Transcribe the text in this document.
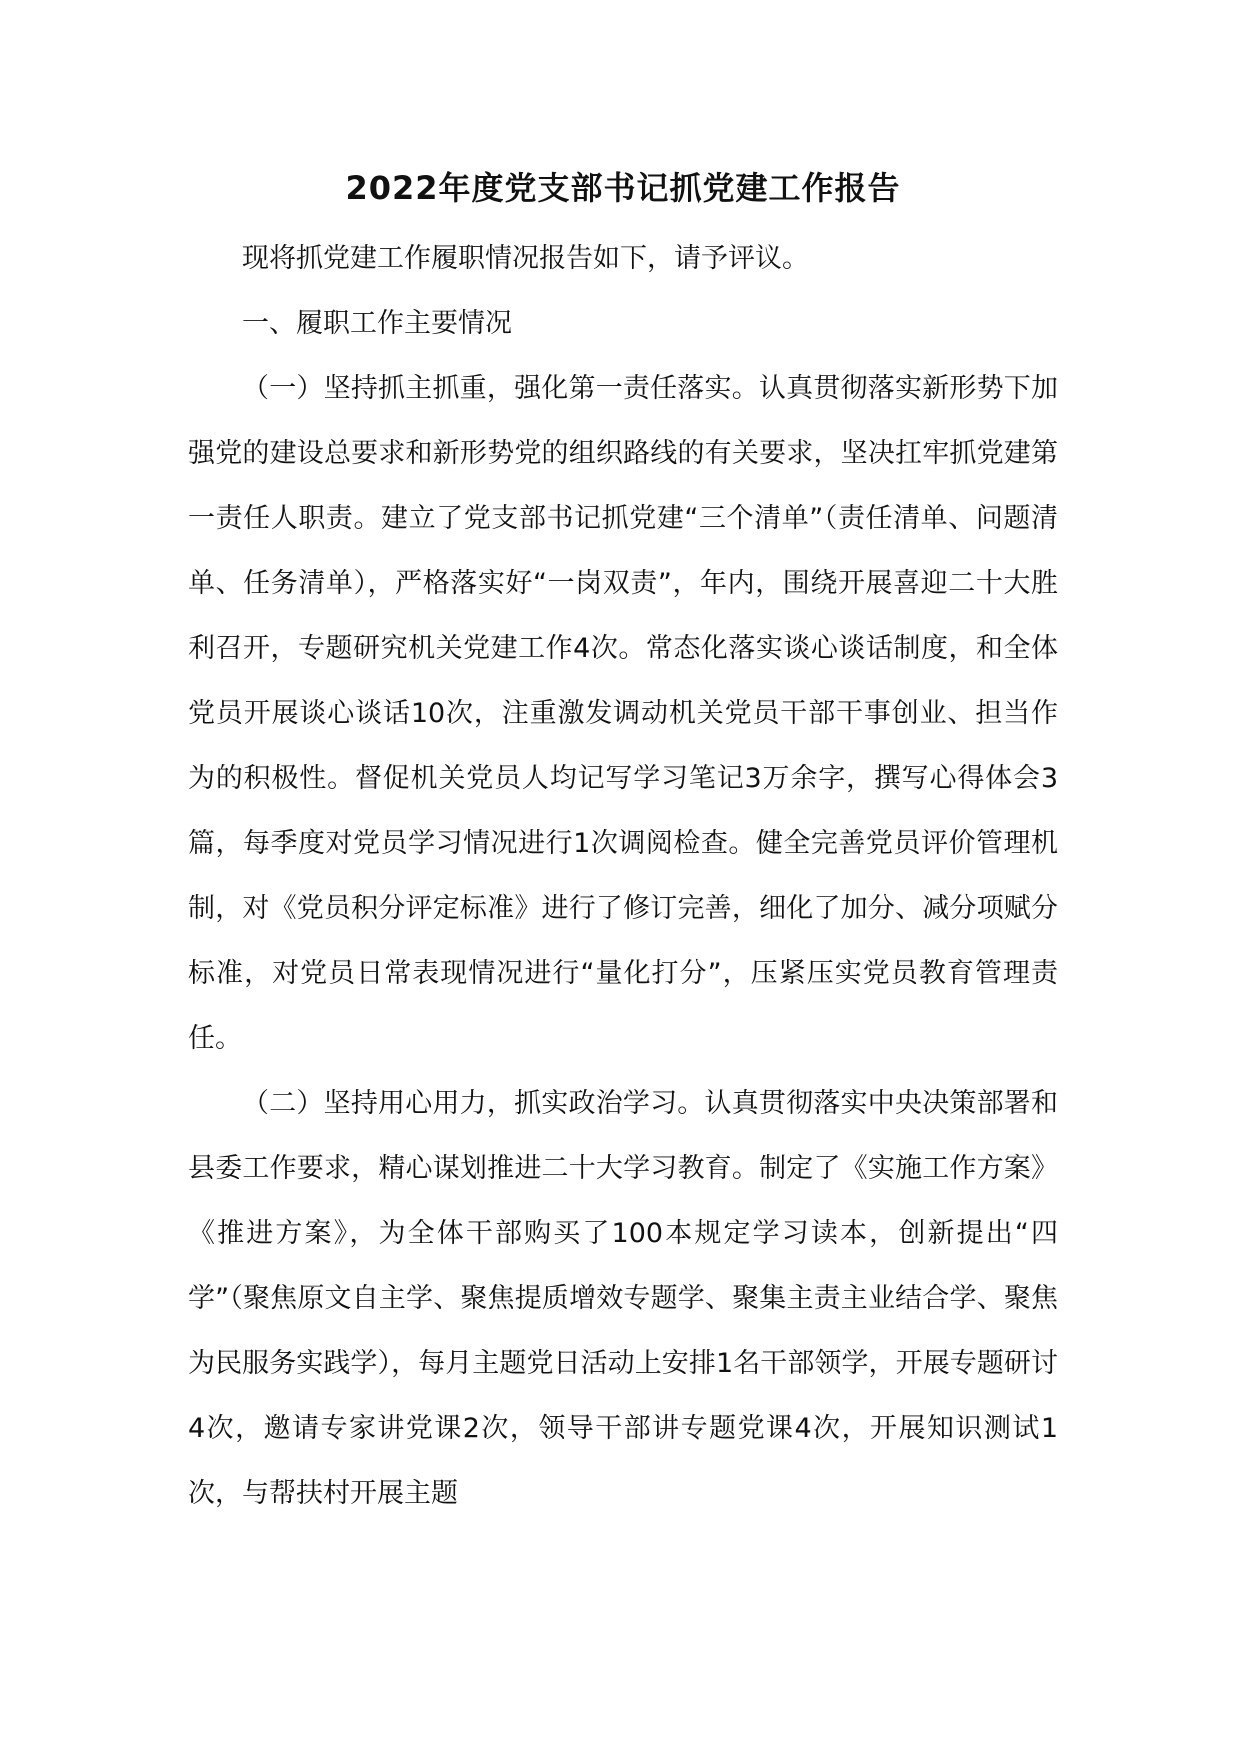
2022年度党支部书记抓党建工作报告

现将抓党建工作履职情况报告如下，请予评议。

一、履职工作主要情况

（一）坚持抓主抓重，强化第一责任落实。认真贯彻落实新形势下加强党的建设总要求和新形势党的组织路线的有关要求，坚决扛牢抓党建第一责任人职责。建立了党支部书记抓党建“三个清单”（责任清单、问题清单、任务清单），严格落实好“一岗双责”，年内，围绕开展喜迎二十大胜利召开，专题研究机关党建工作4次。常态化落实谈心谈话制度，和全体党员开展谈心谈话10次，注重激发调动机关党员干部干事创业、担当作为的积极性。督促机关党员人均记写学习笔记3万余字，撰写心得体会3篇，每季度对党员学习情况进行1次调阅检查。健全完善党员评价管理机制，对《党员积分评定标准》进行了修订完善，细化了加分、减分项赋分标准，对党员日常表现情况进行“量化打分”，压紧压实党员教育管理责任。

（二）坚持用心用力，抓实政治学习。认真贯彻落实中央决策部署和县委工作要求，精心谋划推进二十大学习教育。制定了《实施工作方案》《推进方案》，为全体干部购买了100本规定学习读本，创新提出“四学”（聚焦原文自主学、聚焦提质增效专题学、聚集主责主业结合学、聚焦为民服务实践学），每月主题党日活动上安排1名干部领学，开展专题研讨4次，邀请专家讲党课2次，领导干部讲专题党课4次，开展知识测试1次，与帮扶村开展主题
